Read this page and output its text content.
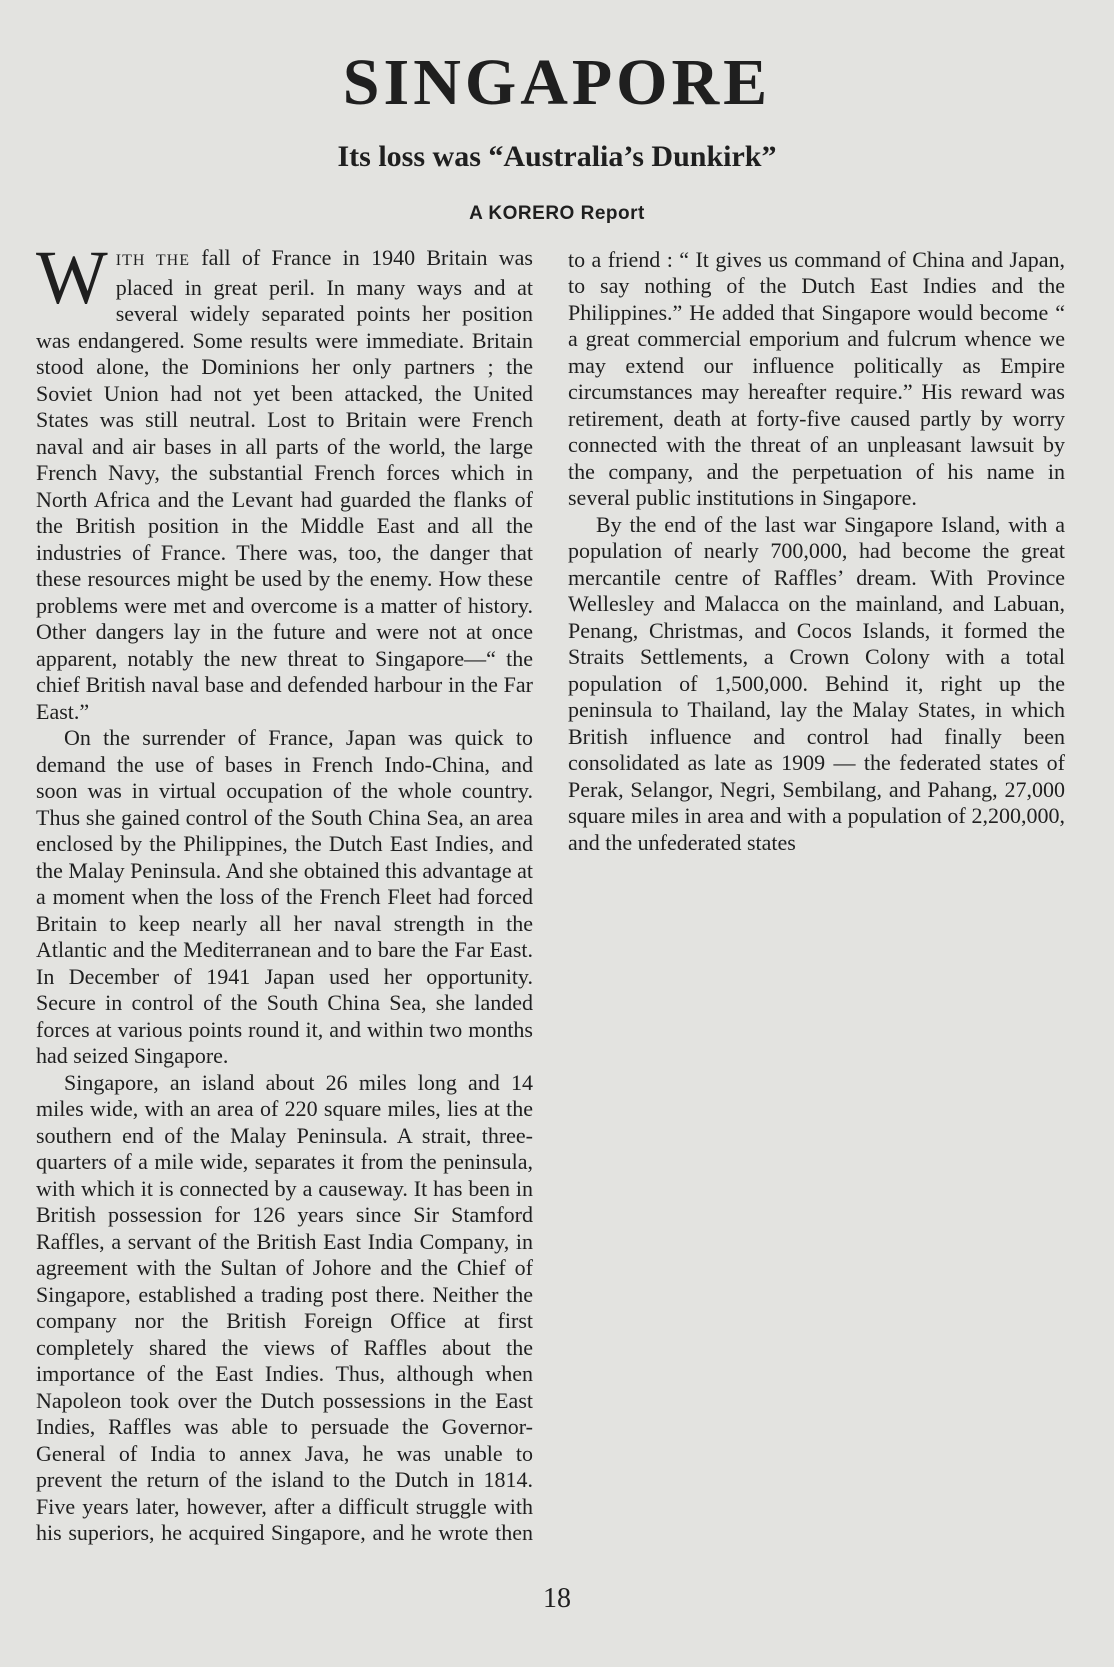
SINGAPORE
Its loss was “Australia’s Dunkirk”
A KORERO Report

WITH THE fall of France in 1940 Britain was placed in great peril. In many ways and at several widely separated points her position was endangered. Some results were immediate. Britain stood alone, the Dominions her only partners ; the Soviet Union had not yet been attacked, the United States was still neutral. Lost to Britain were French naval and air bases in all parts of the world, the large French Navy, the substantial French forces which in North Africa and the Levant had guarded the flanks of the British position in the Middle East and all the industries of France. There was, too, the danger that these resources might be used by the enemy. How these problems were met and overcome is a matter of history. Other dangers lay in the future and were not at once apparent, notably the new threat to Singapore—“ the chief British naval base and defended harbour in the Far East.”

On the surrender of France, Japan was quick to demand the use of bases in French Indo-China, and soon was in virtual occupation of the whole country. Thus she gained control of the South China Sea, an area enclosed by the Philippines, the Dutch East Indies, and the Malay Peninsula. And she obtained this advantage at a moment when the loss of the French Fleet had forced Britain to keep nearly all her naval strength in the Atlantic and the Mediterranean and to bare the Far East. In December of 1941 Japan used her opportunity. Secure in control of the South China Sea, she landed forces at various points round it, and within two months had seized Singapore.

Singapore, an island about 26 miles long and 14 miles wide, with an area of 220 square miles, lies at the southern end of the Malay Peninsula. A strait, three-quarters of a mile wide, separates it from the peninsula, with which it is connected by a causeway. It has been in British possession for 126 years since Sir Stamford Raffles, a servant of the British East India Company, in agreement with the Sultan of Johore and the Chief of Singapore, established a trading post there. Neither the company nor the British Foreign Office at first completely shared the views of Raffles about the importance of the East Indies. Thus, although when Napoleon took over the Dutch possessions in the East Indies, Raffles was able to persuade the Governor-General of India to annex Java, he was unable to prevent the return of the island to the Dutch in 1814. Five years later, however, after a difficult struggle with his superiors, he acquired Singapore, and he wrote then

to a friend : “ It gives us command of China and Japan, to say nothing of the Dutch East Indies and the Philippines.” He added that Singapore would become “ a great commercial emporium and fulcrum whence we may extend our influence politically as Empire circumstances may hereafter require.” His reward was retirement, death at forty-five caused partly by worry connected with the threat of an unpleasant lawsuit by the company, and the perpetuation of his name in several public institutions in Singapore.

By the end of the last war Singapore Island, with a population of nearly 700,000, had become the great mercantile centre of Raffles’ dream. With Province Wellesley and Malacca on the mainland, and Labuan, Penang, Christmas, and Cocos Islands, it formed the Straits Settlements, a Crown Colony with a total population of 1,500,000. Behind it, right up the peninsula to Thailand, lay the Malay States, in which British influence and control had finally been consolidated as late as 1909 — the federated states of Perak, Selangor, Negri, Sembilang, and Pahang, 27,000 square miles in area and with a population of 2,200,000, and the unfederated states

18
